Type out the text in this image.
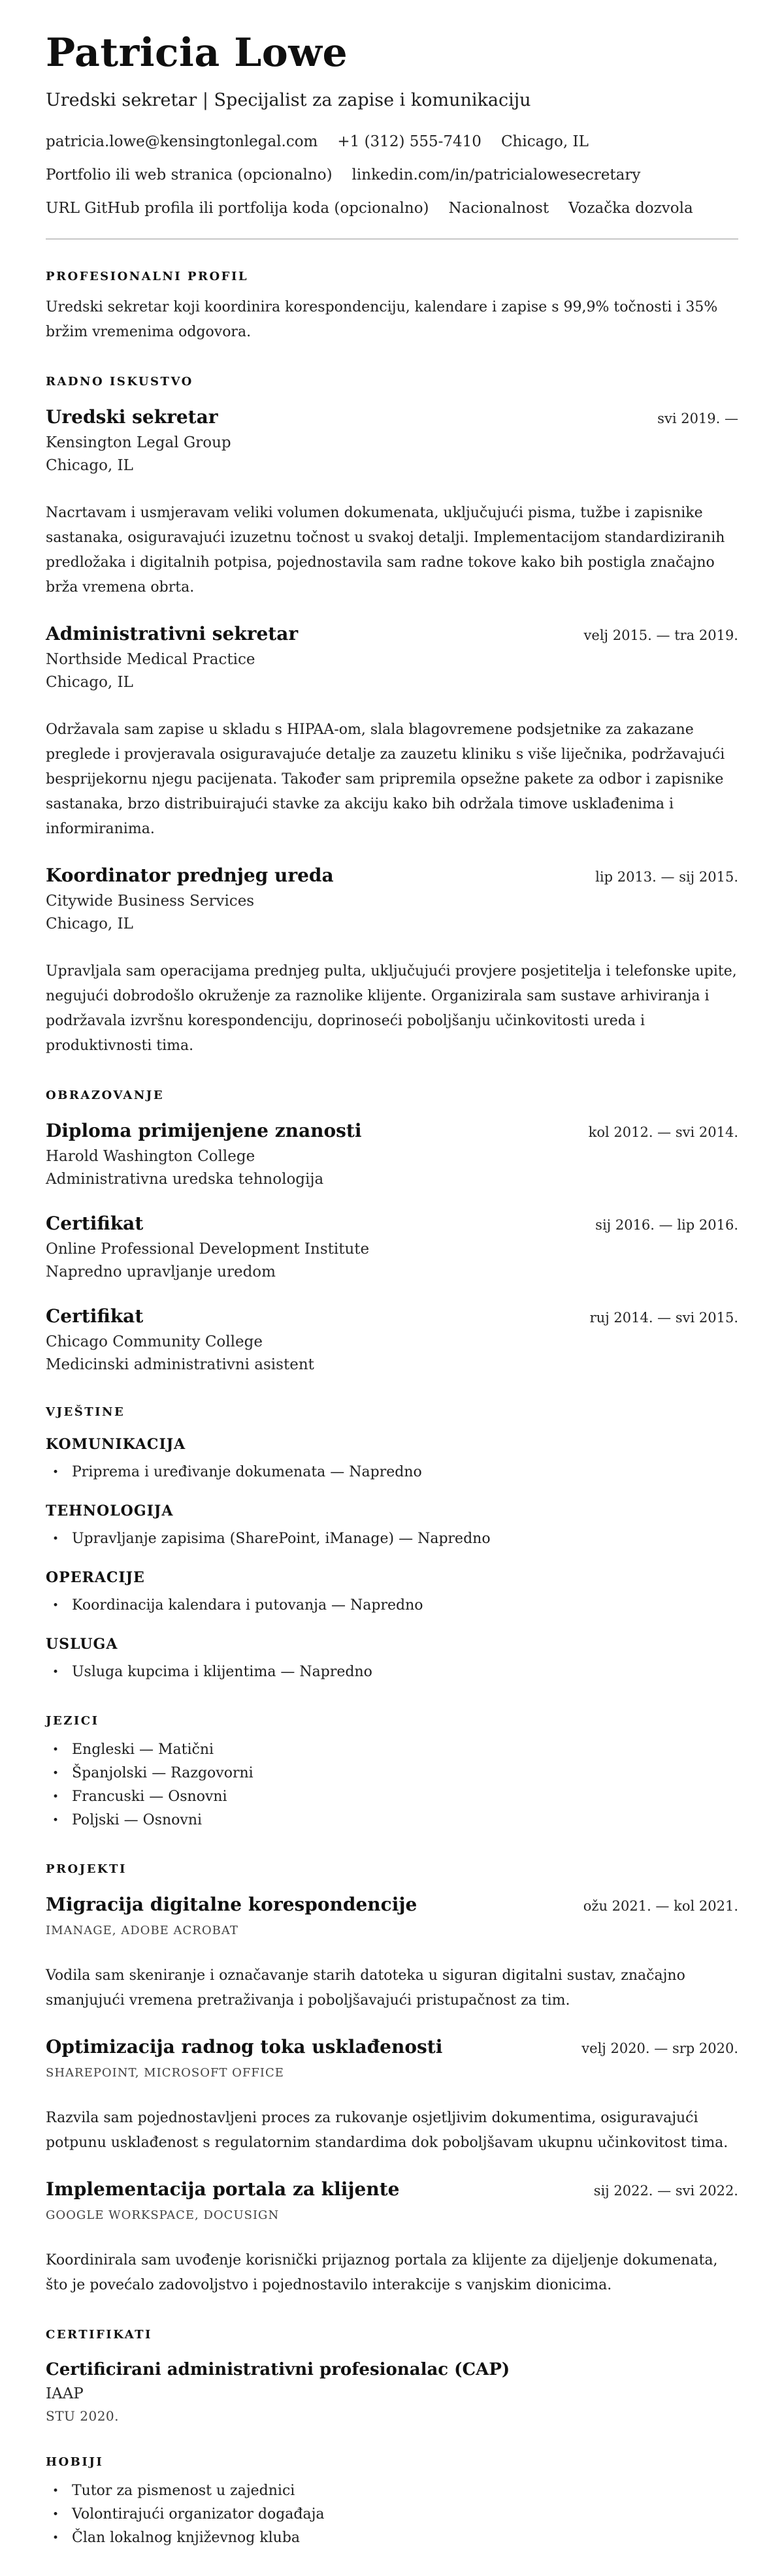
Patricia Lowe

Uredski sekretar | Specijalist za zapise i komunikaciju

patricia.lowe@kensingtonlegal.com +1 (312) 555-7410 Chicago, IL
Portfolio ili web stranica (opcionalno) linkedin.com/in/patricialowesecretary
URL GitHub profila ili portfolija koda (opcionalno) Nacionalnost Vozačka dozvola
PROFESIONALNI PROFIL

Uredski sekretar koji koordinira korespondenciju, kalendare i zapise s 99,9% točnosti i 35% bržim vremenima odgovora.

RADNO ISKUSTVO
Uredski sekretar	svi 2019. —

Kensington Legal Group

Chicago, IL

Nacrtavam i usmjeravam veliki volumen dokumenata, uključujući pisma, tužbe i zapisnike sastanaka, osiguravajući izuzetnu točnost u svakoj detalji. Implementacijom standardiziranih predložaka i digitalnih potpisa, pojednostavila sam radne tokove kako bih postigla značajno brža vremena obrta.

Administrativni sekretar	velj 2015. — tra 2019.

Northside Medical Practice

Chicago, IL

Održavala sam zapise u skladu s HIPAA-om, slala blagovremene podsjetnike za zakazane preglede i provjeravala osiguravajuće detalje za zauzetu kliniku s više liječnika, podržavajući besprijekornu njegu pacijenata. Također sam pripremila opsežne pakete za odbor i zapisnike sastanaka, brzo distribuirajući stavke za akciju kako bih održala timove usklađenima i informiranima.

Koordinator prednjeg ureda	lip 2013. — sij 2015.

Citywide Business Services

Chicago, IL

Upravljala sam operacijama prednjeg pulta, uključujući provjere posjetitelja i telefonske upite, negujući dobrodošlo okruženje za raznolike klijente. Organizirala sam sustave arhiviranja i podržavala izvršnu korespondenciju, doprinoseći poboljšanju učinkovitosti ureda i produktivnosti tima.

OBRAZOVANJE
Diploma primijenjene znanosti	kol 2012. — svi 2014.

Harold Washington College

Administrativna uredska tehnologija

Certifikat	sij 2016. — lip 2016.

Online Professional Development Institute

Napredno upravljanje uredom

Certifikat	ruj 2014. — svi 2015.

Chicago Community College

Medicinski administrativni asistent

VJEŠTINE
KOMUNIKACIJA
• Priprema i uređivanje dokumenata — Napredno
TEHNOLOGIJA
• Upravljanje zapisima (SharePoint, iManage) — Napredno
OPERACIJE
• Koordinacija kalendara i putovanja — Napredno
USLUGA
• Usluga kupcima i klijentima — Napredno
JEZICI
• Engleski — Matični
• Španjolski — Razgovorni
• Francuski — Osnovni
• Poljski — Osnovni
PROJEKTI
Migracija digitalne korespondencije	ožu 2021. — kol 2021.

IMANAGE, ADOBE ACROBAT

Vodila sam skeniranje i označavanje starih datoteka u siguran digitalni sustav, značajno smanjujući vremena pretraživanja i poboljšavajući pristupačnost za tim.

Optimizacija radnog toka usklađenosti	velj 2020. — srp 2020.

SHAREPOINT, MICROSOFT OFFICE

Razvila sam pojednostavljeni proces za rukovanje osjetljivim dokumentima, osiguravajući potpunu usklađenost s regulatornim standardima dok poboljšavam ukupnu učinkovitost tima.

Implementacija portala za klijente	sij 2022. — svi 2022.

GOOGLE WORKSPACE, DOCUSIGN

Koordinirala sam uvođenje korisnički prijaznog portala za klijente za dijeljenje dokumenata, što je povećalo zadovoljstvo i pojednostavilo interakcije s vanjskim dionicima.

CERTIFIKATI

Certificirani administrativni profesionalac (CAP)

IAAP

STU 2020.

HOBIJI
• Tutor za pismenost u zajednici
• Volontirajući organizator događaja
• Član lokalnog književnog kluba
